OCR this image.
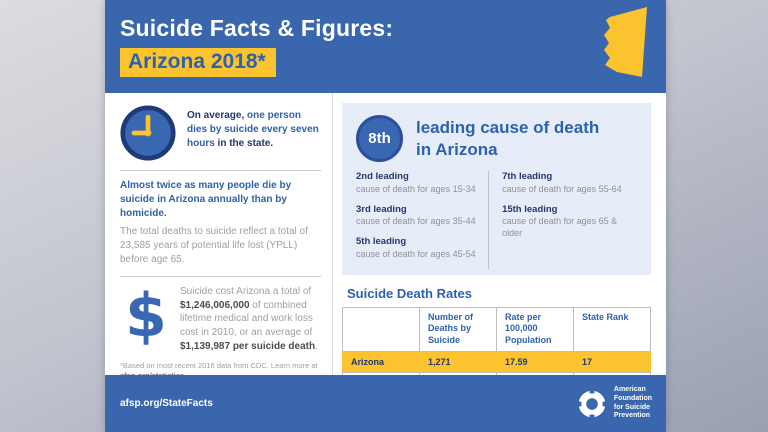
Suicide Facts & Figures:
Arizona 2018*
On average, one person dies by suicide every seven hours in the state.
Almost twice as many people die by suicide in Arizona annually than by homicide.
The total deaths to suicide reflect a total of 23,585 years of potential life lost (YPLL) before age 65.
$	Suicide cost Arizona a total of $1,246,006,000 of combined lifetime medical and work loss cost in 2010, or an average of $1,139,987 per suicide death.
*Based on most recent 2016 data from CDC. Learn more at
8th
leading cause of death in Arizona
2nd leading
cause of death for ages 15-34
3rd leading
cause of death for ages 35-44
5th leading
cause of death for ages 45-54
7th leading
cause of death for ages 55-64
15th leading
cause of death for ages 65 & older
Suicide Death Rates
	Number of Deaths by Suicide	Rate per 100,000 Population	State Rank
Arizona	1,271	17.59	17

afsp.org/StateFacts
American
Foundation
for Suicide
Prevention
